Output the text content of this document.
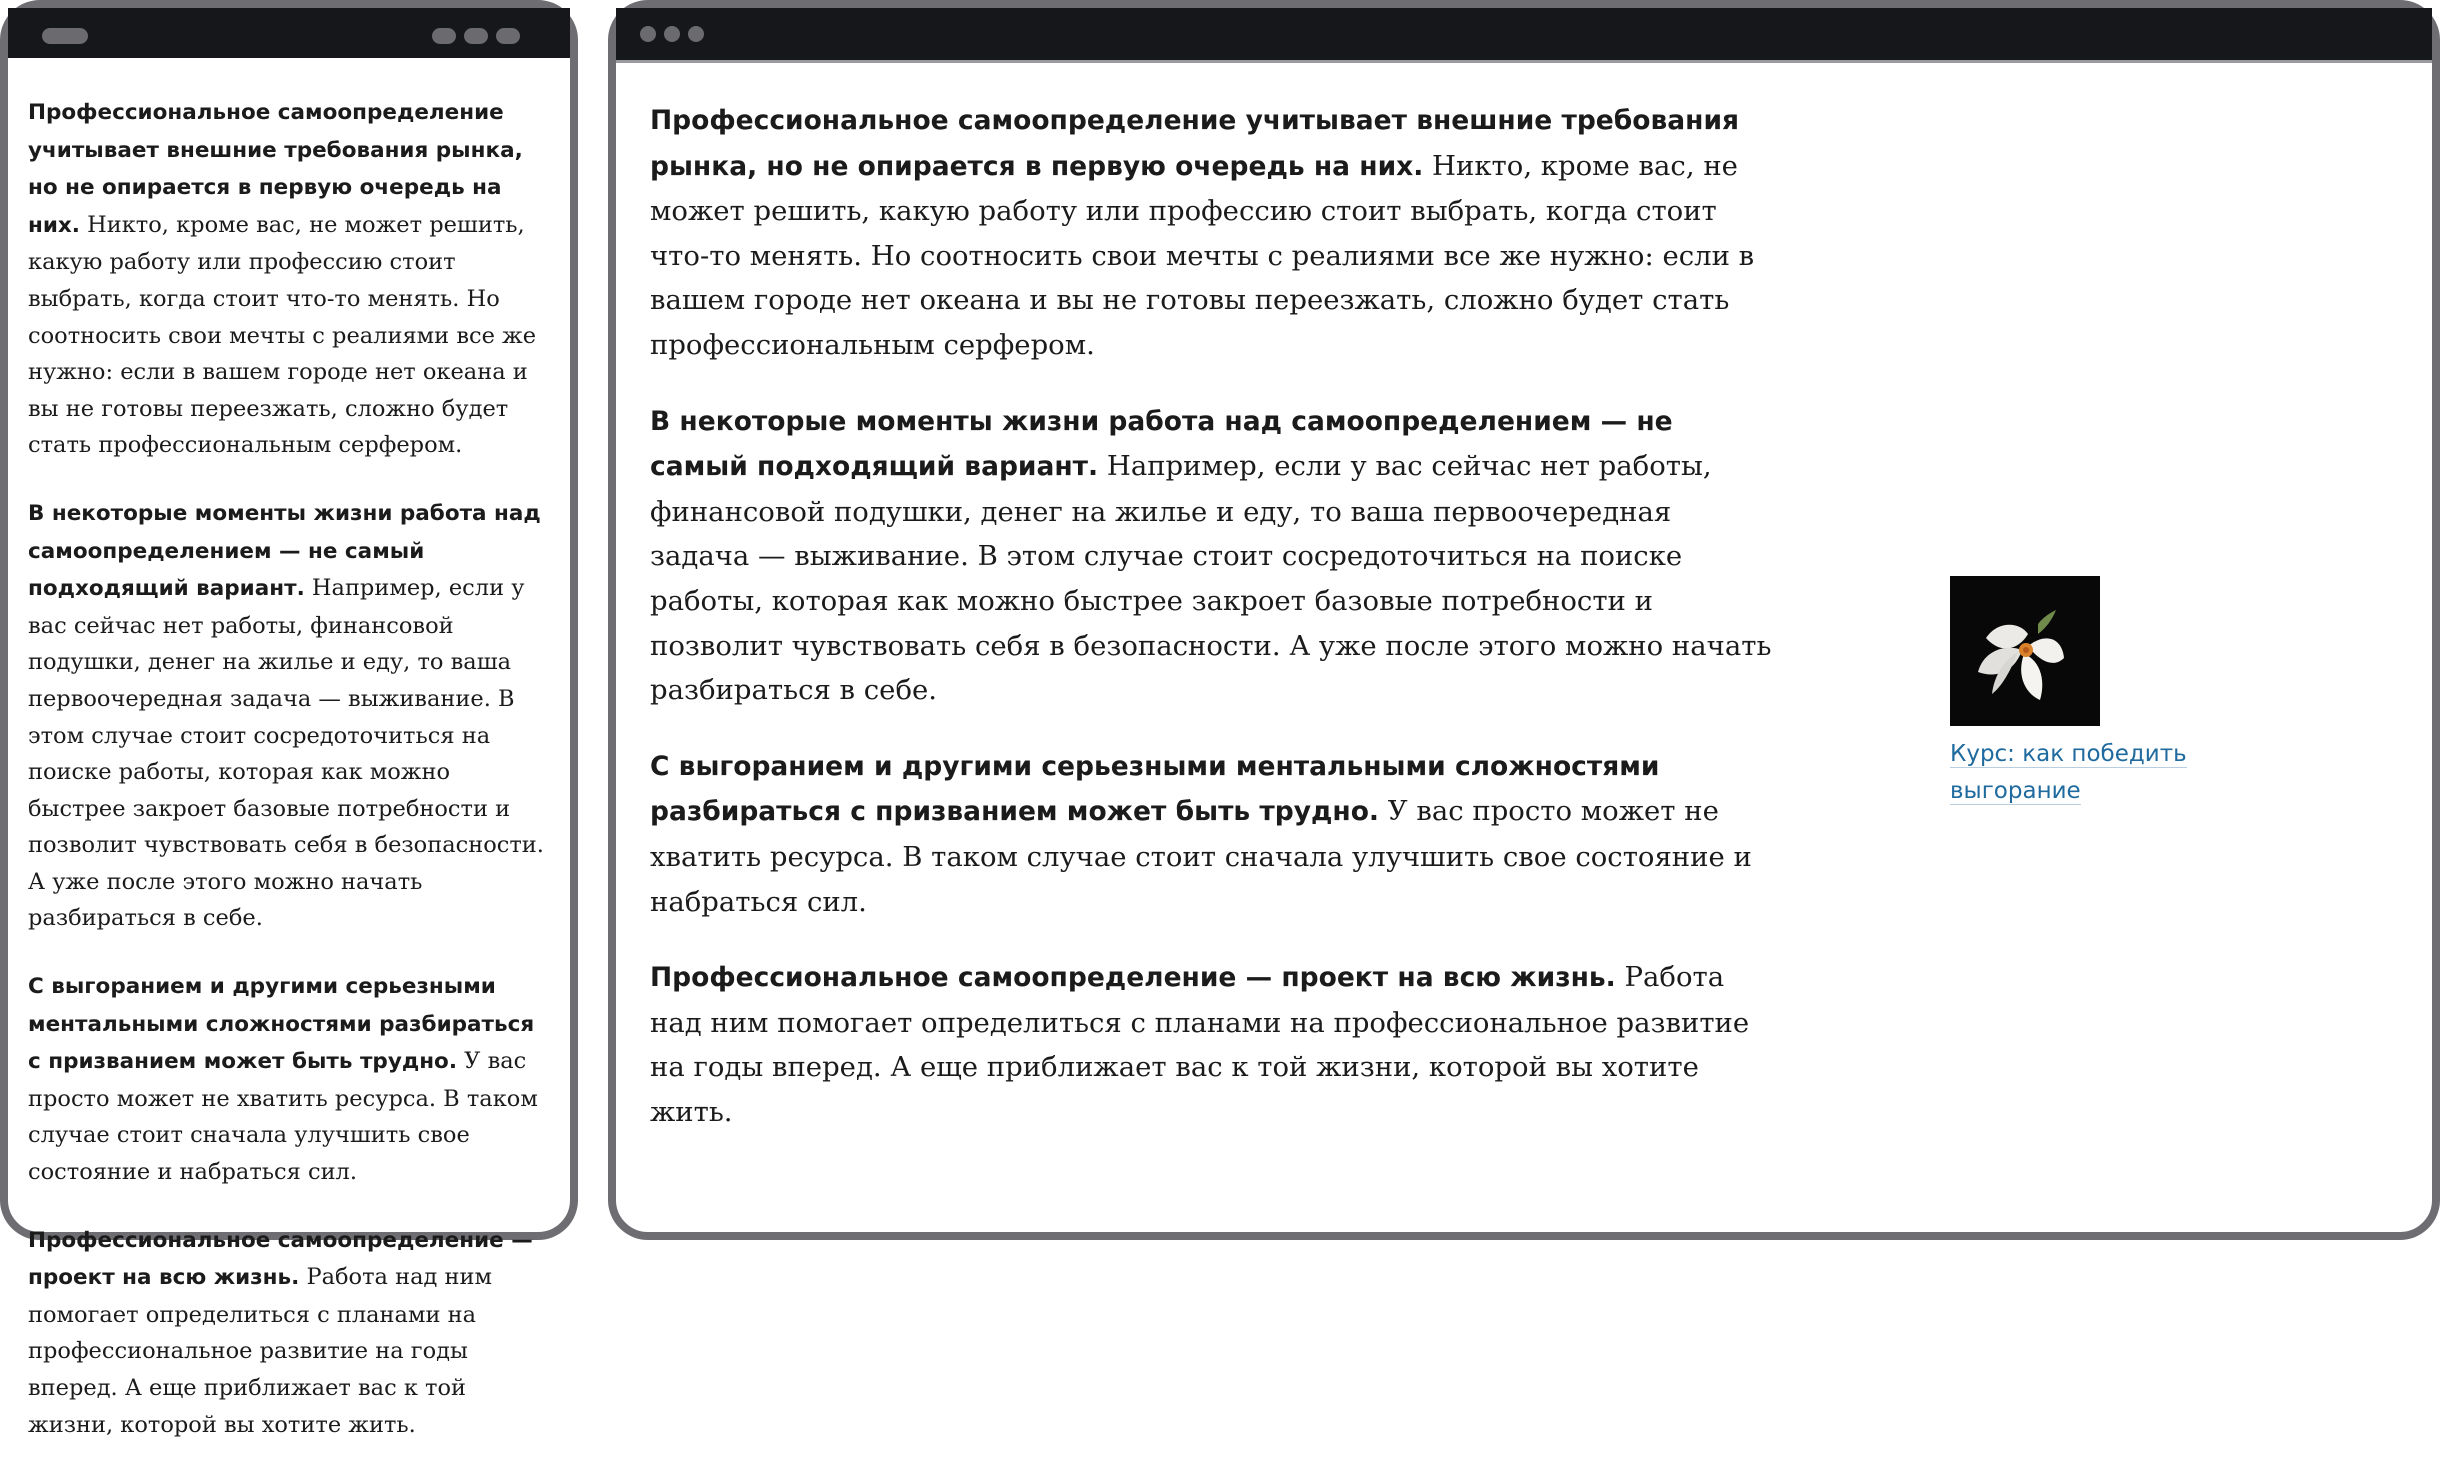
Профессиональное самоопределение учитывает внешние требования рынка, но не опирается в первую очередь на них. Никто, кроме вас, не может решить, какую работу или профессию стоит выбрать, когда стоит что-то менять. Но соотносить свои мечты с реалиями все же нужно: если в вашем городе нет океана и вы не готовы переезжать, сложно будет стать профессиональным серфером.

В некоторые моменты жизни работа над самоопределением — не самый подходящий вариант. Например, если у вас сейчас нет работы, финансовой подушки, денег на жилье и еду, то ваша первоочередная задача — выживание. В этом случае стоит сосредоточиться на поиске работы, которая как можно быстрее закроет базовые потребности и позволит чувствовать себя в безопасности. А уже после этого можно начать разбираться в себе.

С выгоранием и другими серьезными ментальными сложностями разбираться с призванием может быть трудно. У вас просто может не хватить ресурса. В таком случае стоит сначала улучшить свое состояние и набраться сил.

Профессиональное самоопределение — проект на всю жизнь. Работа над ним помогает определиться с планами на профессиональное развитие на годы вперед. А еще приближает вас к той жизни, которой вы хотите жить.

Профессиональное самоопределение учитывает внешние требования рынка, но не опирается в первую очередь на них. Никто, кроме вас, не может решить, какую работу или профессию стоит выбрать, когда стоит что-то менять. Но соотносить свои мечты с реалиями все же нужно: если в вашем городе нет океана и вы не готовы переезжать, сложно будет стать профессиональным серфером.

В некоторые моменты жизни работа над самоопределением — не самый подходящий вариант. Например, если у вас сейчас нет работы, финансовой подушки, денег на жилье и еду, то ваша первоочередная задача — выживание. В этом случае стоит сосредоточиться на поиске работы, которая как можно быстрее закроет базовые потребности и позволит чувствовать себя в безопасности. А уже после этого можно начать разбираться в себе.

С выгоранием и другими серьезными ментальными сложностями разбираться с призванием может быть трудно. У вас просто может не хватить ресурса. В таком случае стоит сначала улучшить свое состояние и набраться сил.

Профессиональное самоопределение — проект на всю жизнь. Работа над ним помогает определиться с планами на профессиональное развитие на годы вперед. А еще приближает вас к той жизни, которой вы хотите жить.

Курс: как победить выгорание
